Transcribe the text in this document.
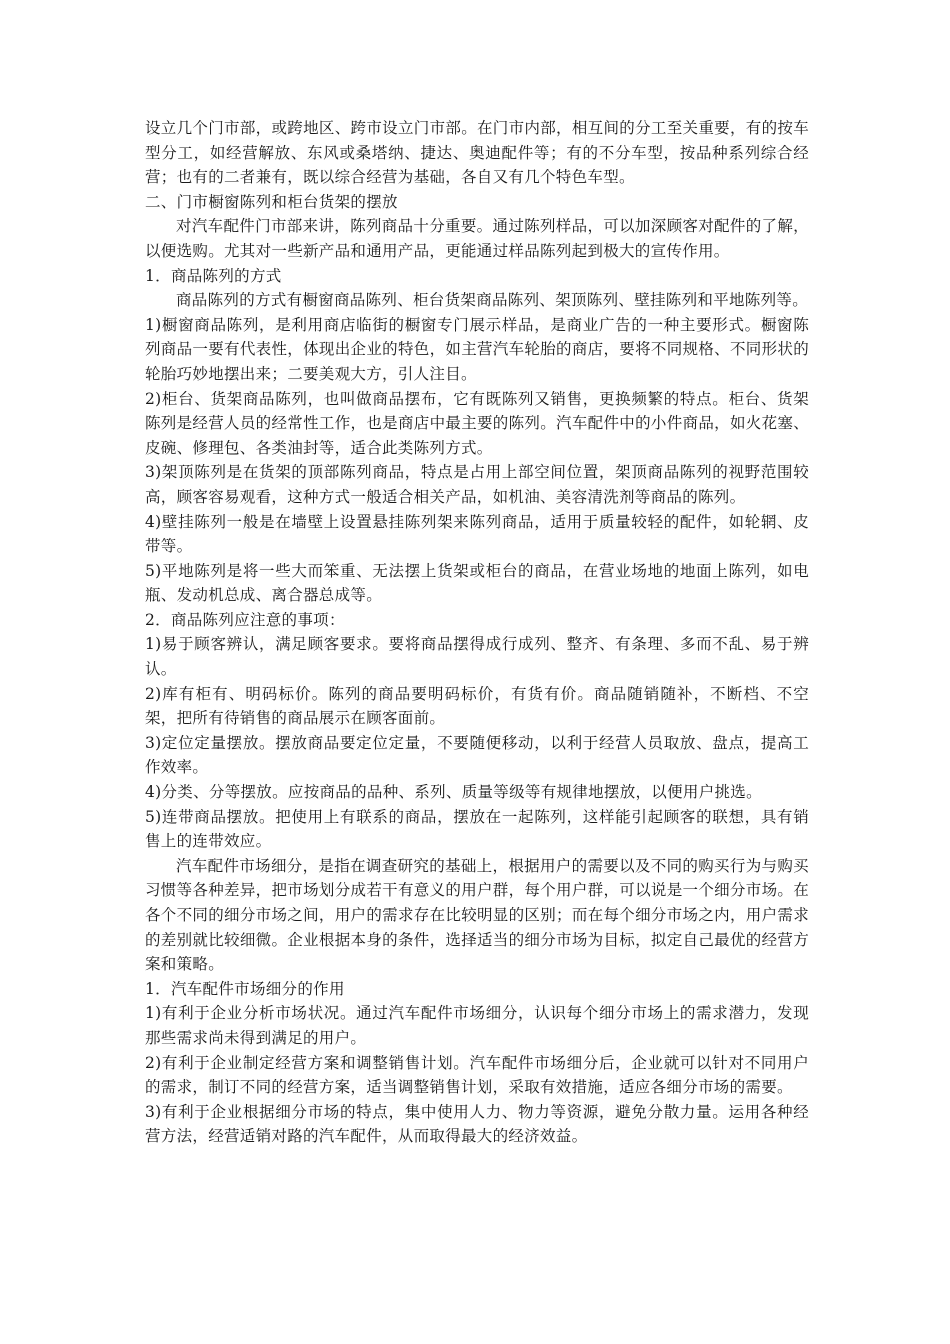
设立几个门市部，或跨地区、跨市设立门市部。在门市内部，相互间的分工至关重要，有的按车型分工，如经营解放、东风或桑塔纳、捷达、奥迪配件等；有的不分车型，按品种系列综合经营；也有的二者兼有，既以综合经营为基础，各自又有几个特色车型。

二、门市橱窗陈列和柜台货架的摆放

对汽车配件门市部来讲，陈列商品十分重要。通过陈列样品，可以加深顾客对配件的了解，以便选购。尤其对一些新产品和通用产品，更能通过样品陈列起到极大的宣传作用。

1．商品陈列的方式

商品陈列的方式有橱窗商品陈列、柜台货架商品陈列、架顶陈列、壁挂陈列和平地陈列等。

1)橱窗商品陈列，是利用商店临街的橱窗专门展示样品，是商业广告的一种主要形式。橱窗陈列商品一要有代表性，体现出企业的特色，如主营汽车轮胎的商店，要将不同规格、不同形状的轮胎巧妙地摆出来；二要美观大方，引人注目。

2)柜台、货架商品陈列，也叫做商品摆布，它有既陈列又销售，更换频繁的特点。柜台、货架陈列是经营人员的经常性工作，也是商店中最主要的陈列。汽车配件中的小件商品，如火花塞、皮碗、修理包、各类油封等，适合此类陈列方式。

3)架顶陈列是在货架的顶部陈列商品，特点是占用上部空间位置，架顶商品陈列的视野范围较高，顾客容易观看，这种方式一般适合相关产品，如机油、美容清洗剂等商品的陈列。

4)壁挂陈列一般是在墙壁上设置悬挂陈列架来陈列商品，适用于质量较轻的配件，如轮辋、皮带等。

5)平地陈列是将一些大而笨重、无法摆上货架或柜台的商品，在营业场地的地面上陈列，如电瓶、发动机总成、离合器总成等。

2．商品陈列应注意的事项：

1)易于顾客辨认，满足顾客要求。要将商品摆得成行成列、整齐、有条理、多而不乱、易于辨认。

2)库有柜有、明码标价。陈列的商品要明码标价，有货有价。商品随销随补，不断档、不空架，把所有待销售的商品展示在顾客面前。

3)定位定量摆放。摆放商品要定位定量，不要随便移动，以利于经营人员取放、盘点，提高工作效率。

4)分类、分等摆放。应按商品的品种、系列、质量等级等有规律地摆放，以便用户挑选。

5)连带商品摆放。把使用上有联系的商品，摆放在一起陈列，这样能引起顾客的联想，具有销售上的连带效应。

汽车配件市场细分，是指在调查研究的基础上，根据用户的需要以及不同的购买行为与购买习惯等各种差异，把市场划分成若干有意义的用户群，每个用户群，可以说是一个细分市场。在各个不同的细分市场之间，用户的需求存在比较明显的区别；而在每个细分市场之内，用户需求的差别就比较细微。企业根据本身的条件，选择适当的细分市场为目标，拟定自己最优的经营方案和策略。

1．汽车配件市场细分的作用

1)有利于企业分析市场状况。通过汽车配件市场细分，认识每个细分市场上的需求潜力，发现那些需求尚未得到满足的用户。

2)有利于企业制定经营方案和调整销售计划。汽车配件市场细分后，企业就可以针对不同用户的需求，制订不同的经营方案，适当调整销售计划，采取有效措施，适应各细分市场的需要。

3)有利于企业根据细分市场的特点，集中使用人力、物力等资源，避免分散力量。运用各种经营方法，经营适销对路的汽车配件，从而取得最大的经济效益。
